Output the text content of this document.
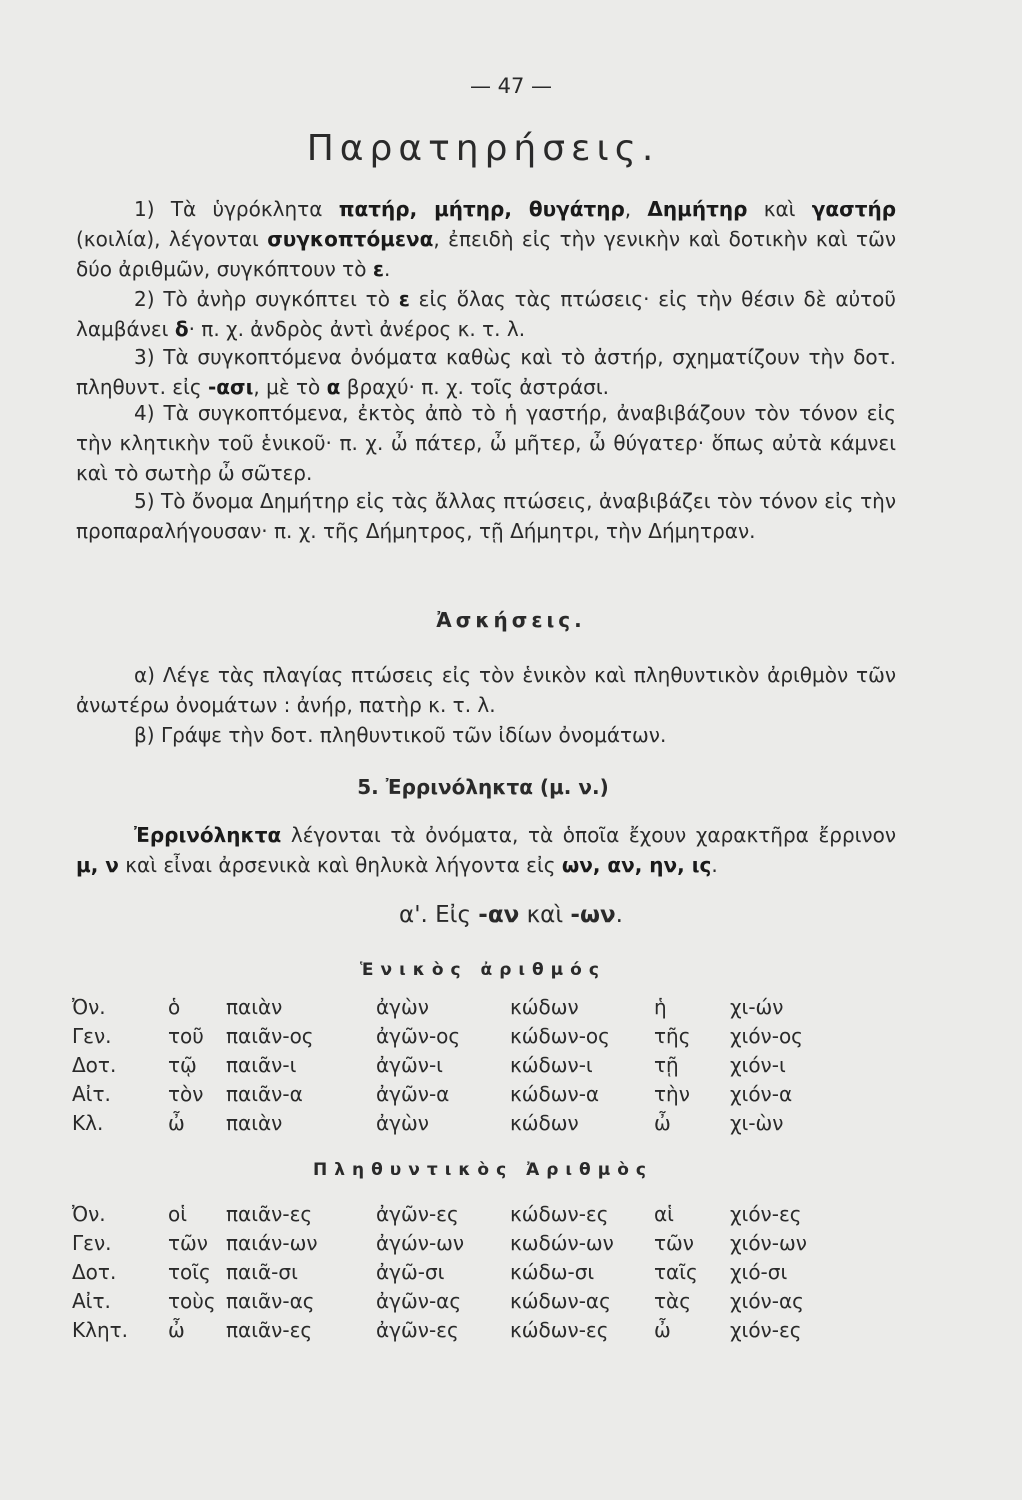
— 47 —
Παρατηρήσεις.
1) Τὰ ὑγρόκλητα πατήρ, μήτηρ, θυγάτηρ, Δημήτηρ καὶ γαστήρ (κοιλία), λέγονται συγκοπτόμενα, ἐπειδὴ εἰς τὴν γενικὴν καὶ δοτικὴν καὶ τῶν δύο ἀριθμῶν, συγκόπτουν τὸ ε.
2) Τὸ ἀνὴρ συγκόπτει τὸ ε εἰς ὅλας τὰς πτώσεις· εἰς τὴν θέσιν δὲ αὐτοῦ λαμβάνει δ· π. χ. ἀνδρὸς ἀντὶ ἀνέρος κ. τ. λ.
3) Τὰ συγκοπτόμενα ὀνόματα καθὼς καὶ τὸ ἀστήρ, σχηματίζουν τὴν δοτ. πληθυντ. εἰς -ασι, μὲ τὸ α βραχύ· π. χ. τοῖς ἀστράσι.
4) Τὰ συγκοπτόμενα, ἐκτὸς ἀπὸ τὸ ἡ γαστήρ, ἀναβιβάζουν τὸν τόνον εἰς τὴν κλητικὴν τοῦ ἑνικοῦ· π. χ. ὦ πάτερ, ὦ μῆτερ, ὦ θύγατερ· ὅπως αὐτὰ κάμνει καὶ τὸ σωτὴρ ὦ σῶτερ.
5) Τὸ ὄνομα Δημήτηρ εἰς τὰς ἄλλας πτώσεις, ἀναβιβάζει τὸν τόνον εἰς τὴν προπαραλήγουσαν· π. χ. τῆς Δήμητρος, τῇ Δήμητρι, τὴν Δήμητραν.
Ἀσκήσεις.
α) Λέγε τὰς πλαγίας πτώσεις εἰς τὸν ἑνικὸν καὶ πληθυντικὸν ἀριθμὸν τῶν ἀνωτέρω ὀνομάτων : ἀνήρ, πατὴρ κ. τ. λ.
β) Γράψε τὴν δοτ. πληθυντικοῦ τῶν ἰδίων ὀνομάτων.
5. Ἐρρινόληκτα (μ. ν.)
Ἐρρινόληκτα λέγονται τὰ ὀνόματα, τὰ ὁποῖα ἔχουν χαρακτῆρα ἔρρινον μ, ν καὶ εἶναι ἀρσενικὰ καὶ θηλυκὰ λήγοντα εἰς ων, αν, ην, ις.
α'. Εἰς -αν καὶ -ων.
Ἑνικὸς ἀριθμός
Ὀν.	ὁ	παιὰν	ἀγὼν	κώδων	ἡ	χι-ών
Γεν.	τοῦ	παιᾶν-ος	ἀγῶν-ος	κώδων-ος	τῆς	χιόν-ος
Δοτ.	τῷ	παιᾶν-ι	ἀγῶν-ι	κώδων-ι	τῇ	χιόν-ι
Αἰτ.	τὸν	παιᾶν-α	ἀγῶν-α	κώδων-α	τὴν	χιόν-α
Κλ.	ὦ	παιὰν	ἀγὼν	κώδων	ὦ	χι-ὼν
Πληθυντικὸς Ἀριθμὸς
Ὀν.	οἱ	παιᾶν-ες	ἀγῶν-ες	κώδων-ες	αἱ	χιόν-ες
Γεν.	τῶν	παιάν-ων	ἀγών-ων	κωδών-ων	τῶν	χιόν-ων
Δοτ.	τοῖς	παιᾶ-σι	ἀγῶ-σι	κώδω-σι	ταῖς	χιό-σι
Αἰτ.	τοὺς	παιᾶν-ας	ἀγῶν-ας	κώδων-ας	τὰς	χιόν-ας
Κλητ.	ὦ	παιᾶν-ες	ἀγῶν-ες	κώδων-ες	ὦ	χιόν-ες
